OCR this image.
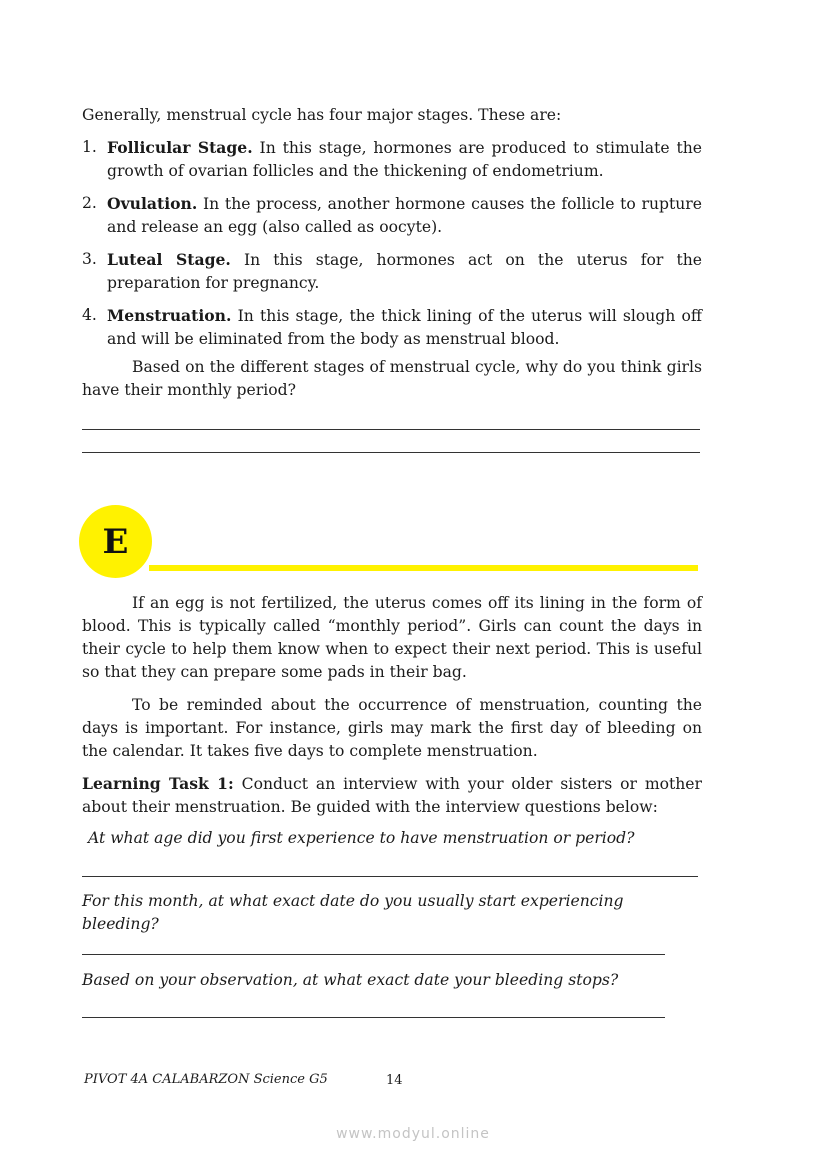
Generally, menstrual cycle has four major stages. These are:
1. Follicular Stage. In this stage, hormones are produced to stimulate the growth of ovarian follicles and the thickening of endometrium.
2. Ovulation. In the process, another hormone causes the follicle to rupture and release an egg (also called as oocyte).
3. Luteal Stage. In this stage, hormones act on the uterus for the preparation for pregnancy.
4. Menstruation. In this stage, the thick lining of the uterus will slough off and will be eliminated from the body as menstrual blood.
Based on the different stages of menstrual cycle, why do you think girls have their monthly period?
E
If an egg is not fertilized, the uterus comes off its lining in the form of blood. This is typically called “monthly period”. Girls can count the days in their cycle to help them know when to expect their next period. This is useful so that they can prepare some pads in their bag.
To be reminded about the occurrence of menstruation, counting the days is important. For instance, girls may mark the first day of bleeding on the calendar. It takes five days to complete menstruation.
Learning Task 1: Conduct an interview with your older sisters or mother about their menstruation. Be guided with the interview questions below:
At what age did you first experience to have menstruation or period?
For this month, at what exact date do you usually start experiencing bleeding?
Based on your observation, at what exact date your bleeding stops?
PIVOT 4A CALABARZON Science G5	14
www.modyul.online
